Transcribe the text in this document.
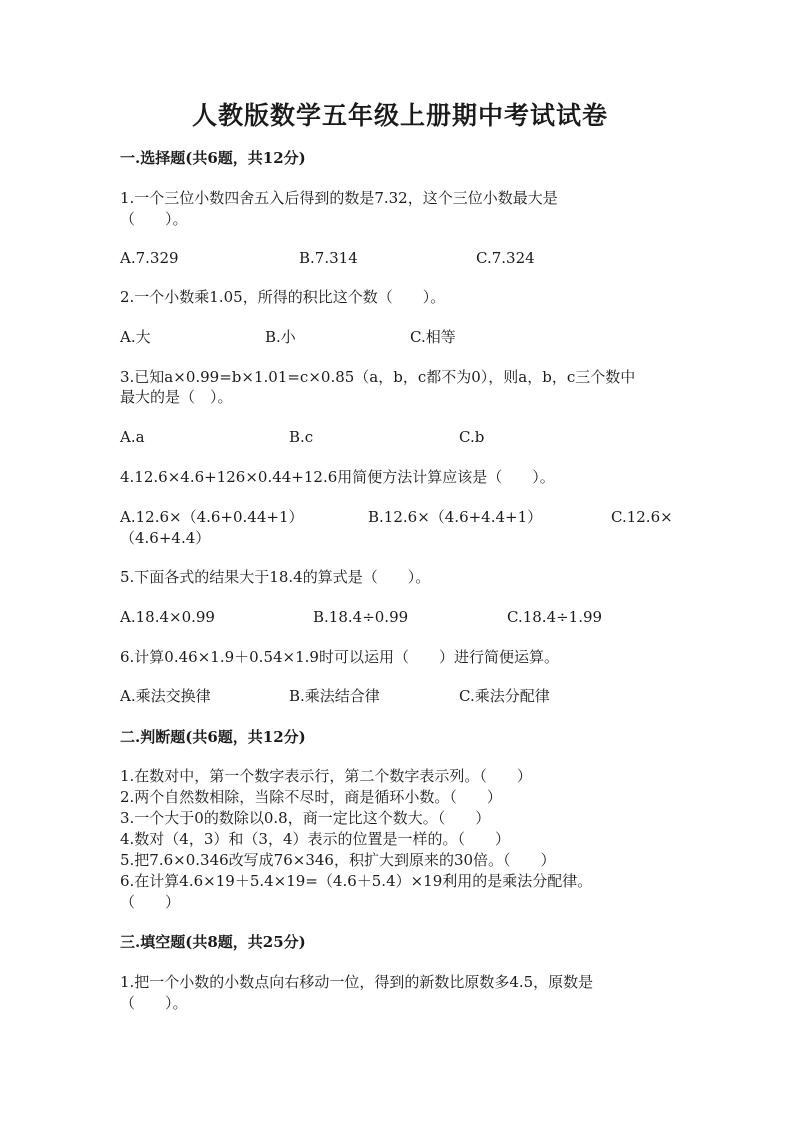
人教版数学五年级上册期中考试试卷
一.选择题(共6题，共12分)
1.一个三位小数四舍五入后得到的数是7.32，这个三位小数最大是
（　　）。
A.7.329	B.7.314	C.7.324
2.一个小数乘1.05，所得的积比这个数（　　）。
A.大	B.小	C.相等
3.已知a×0.99=b×1.01=c×0.85（a，b，c都不为0），则a，b，c三个数中
最大的是（　）。
A.a	B.c	C.b
4.12.6×4.6+126×0.44+12.6用简便方法计算应该是（　　）。
A.12.6×（4.6+0.44+1）	B.12.6×（4.6+4.4+1）	C.12.6×
（4.6+4.4）
5.下面各式的结果大于18.4的算式是（　　）。
A.18.4×0.99	B.18.4÷0.99	C.18.4÷1.99
6.计算0.46×1.9＋0.54×1.9时可以运用（　　）进行简便运算。
A.乘法交换律	B.乘法结合律	C.乘法分配律
二.判断题(共6题，共12分)
1.在数对中，第一个数字表示行，第二个数字表示列。（　　）
2.两个自然数相除，当除不尽时，商是循环小数。（　　）
3.一个大于0的数除以0.8，商一定比这个数大。（　　）
4.数对（4，3）和（3，4）表示的位置是一样的。（　　）
5.把7.6×0.346改写成76×346，积扩大到原来的30倍。（　　）
6.在计算4.6×19＋5.4×19=（4.6＋5.4）×19利用的是乘法分配律。
（　　）
三.填空题(共8题，共25分)
1.把一个小数的小数点向右移动一位，得到的新数比原数多4.5，原数是
（　　）。
